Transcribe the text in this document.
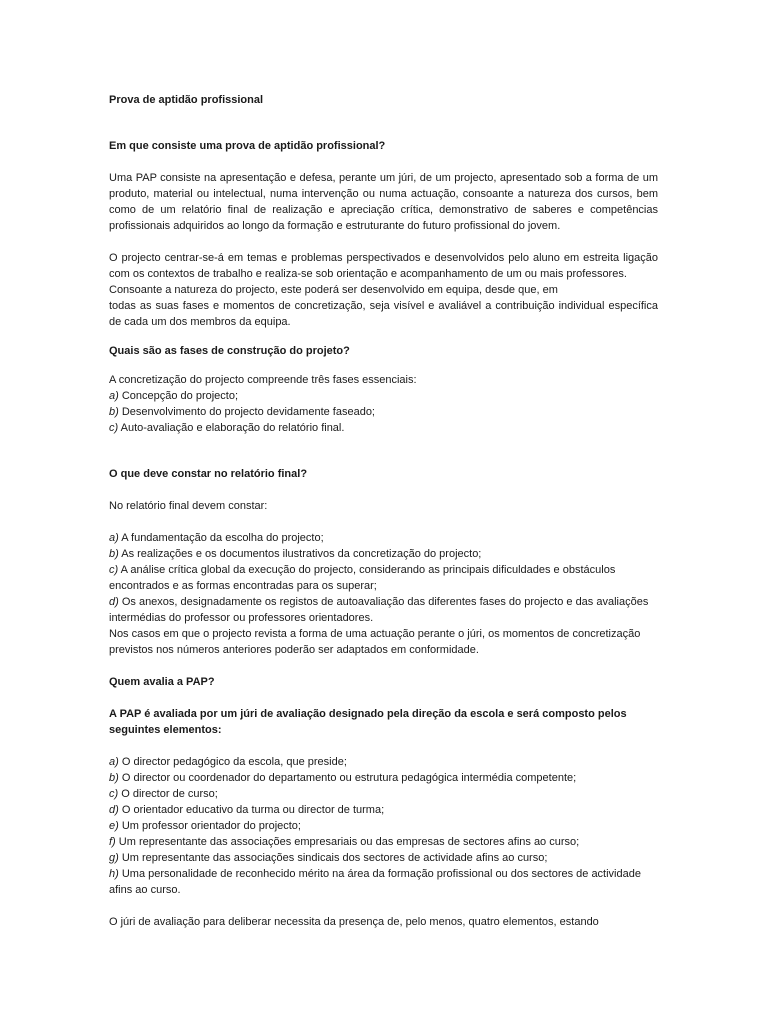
Prova de aptidão profissional

Em que consiste uma prova de aptidão profissional?

Uma PAP consiste na apresentação e defesa, perante um júri, de um projecto, apresentado sob a forma de um produto, material ou intelectual, numa intervenção ou numa actuação, consoante a natureza dos cursos, bem como de um relatório final de realização e apreciação crítica, demonstrativo de saberes e competências profissionais adquiridos ao longo da formação e estruturante do futuro profissional do jovem.

O projecto centrar-se-á em temas e problemas perspectivados e desenvolvidos pelo aluno em estreita ligação com os contextos de trabalho e realiza-se sob orientação e acompanhamento de um ou mais professores.

Consoante a natureza do projecto, este poderá ser desenvolvido em equipa, desde que, em

todas as suas fases e momentos de concretização, seja visível e avaliável a contribuição individual específica de cada um dos membros da equipa.

Quais são as fases de construção do projeto?

A concretização do projecto compreende três fases essenciais:

a) Concepção do projecto;

b) Desenvolvimento do projecto devidamente faseado;

c) Auto-avaliação e elaboração do relatório final.

O que deve constar no relatório final?

No relatório final devem constar:

a) A fundamentação da escolha do projecto;

b) As realizações e os documentos ilustrativos da concretização do projecto;

c) A análise crítica global da execução do projecto, considerando as principais dificuldades e obstáculos encontrados e as formas encontradas para os superar;

d) Os anexos, designadamente os registos de autoavaliação das diferentes fases do projecto e das avaliações intermédias do professor ou professores orientadores.

Nos casos em que o projecto revista a forma de uma actuação perante o júri, os momentos de concretização previstos nos números anteriores poderão ser adaptados em conformidade.

Quem avalia a PAP?

A PAP é avaliada por um júri de avaliação designado pela direção da escola e será composto pelos seguintes elementos:

a) O director pedagógico da escola, que preside;

b) O director ou coordenador do departamento ou estrutura pedagógica intermédia competente;

c) O director de curso;

d) O orientador educativo da turma ou director de turma;

e) Um professor orientador do projecto;

f) Um representante das associações empresariais ou das empresas de sectores afins ao curso;

g) Um representante das associações sindicais dos sectores de actividade afins ao curso;

h) Uma personalidade de reconhecido mérito na área da formação profissional ou dos sectores de actividade afins ao curso.

O júri de avaliação para deliberar necessita da presença de, pelo menos, quatro elementos, estando
